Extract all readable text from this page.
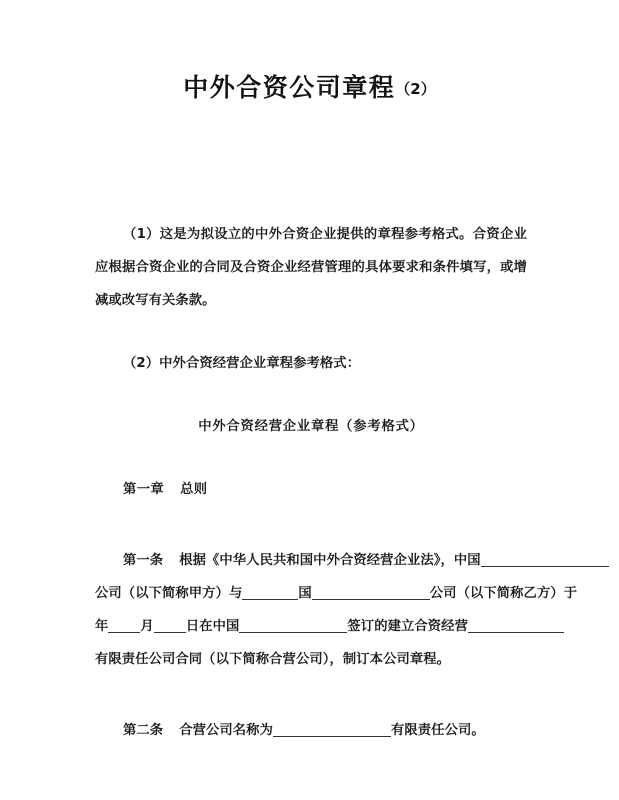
中外合资公司章程（2）
（1）这是为拟设立的中外合资企业提供的章程参考格式。合资企业应根据合资企业的合同及合资企业经营管理的具体要求和条件填写，或增减或改写有关条款。
（2）中外合资经营企业章程参考格式：
中外合资经营企业章程（参考格式）
第一章 总则
第一条 根据《中华人民共和国中外合资经营企业法》，中国
公司（以下简称甲方）与	国	公司（以下简称乙方）于
年 月 日在中国	签订的建立合资经营
有限责任公司合同（以下简称合营公司），制订本公司章程。
第二条 合营公司名称为	有限责任公司。
